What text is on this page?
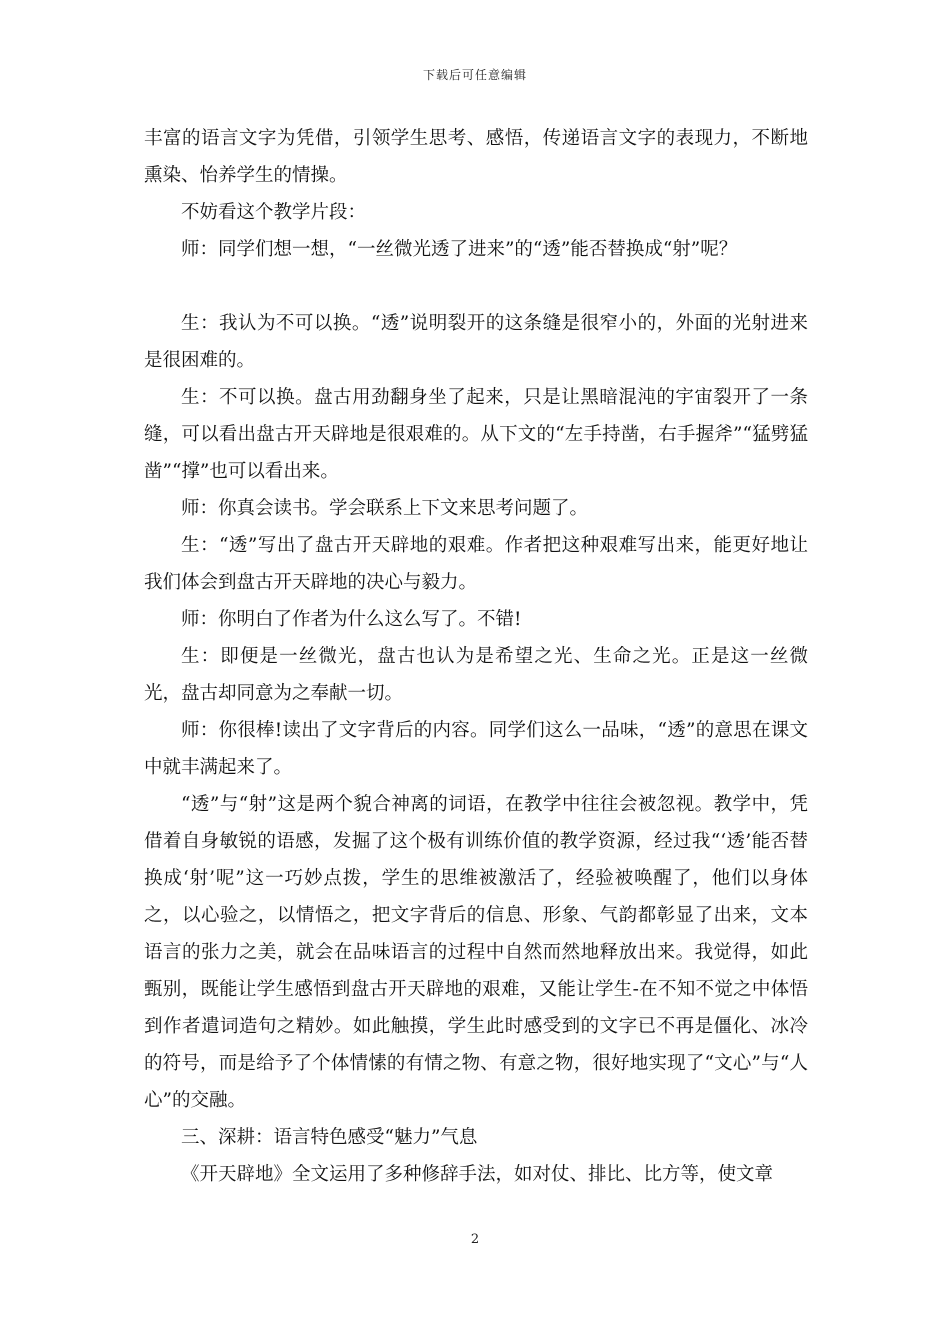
下载后可任意编辑

丰富的语言文字为凭借，引领学生思考、感悟，传递语言文字的表现力，不断地熏染、怡养学生的情操。

不妨看这个教学片段：

师：同学们想一想，“一丝微光透了进来”的“透”能否替换成“射”呢？

生：我认为不可以换。“透”说明裂开的这条缝是很窄小的，外面的光射进来是很困难的。

生：不可以换。盘古用劲翻身坐了起来，只是让黑暗混沌的宇宙裂开了一条缝，可以看出盘古开天辟地是很艰难的。从下文的“左手持凿，右手握斧”“猛劈猛凿”“撑”也可以看出来。

师：你真会读书。学会联系上下文来思考问题了。

生：“透”写出了盘古开天辟地的艰难。作者把这种艰难写出来，能更好地让我们体会到盘古开天辟地的决心与毅力。

师：你明白了作者为什么这么写了。不错!

生：即便是一丝微光，盘古也认为是希望之光、生命之光。正是这一丝微光，盘古却同意为之奉献一切。

师：你很棒!读出了文字背后的内容。同学们这么一品味，“透”的意思在课文中就丰满起来了。

“透”与“射”这是两个貌合神离的词语，在教学中往往会被忽视。教学中，凭借着自身敏锐的语感，发掘了这个极有训练价值的教学资源，经过我“‘透’能否替换成‘射’呢”这一巧妙点拨，学生的思维被激活了，经验被唤醒了，他们以身体之，以心验之，以情悟之，把文字背后的信息、形象、气韵都彰显了出来，文本语言的张力之美，就会在品味语言的过程中自然而然地释放出来。我觉得，如此甄别，既能让学生感悟到盘古开天辟地的艰难，又能让学生-在不知不觉之中体悟到作者遣词造句之精妙。如此触摸，学生此时感受到的文字已不再是僵化、冰冷的符号，而是给予了个体情愫的有情之物、有意之物，很好地实现了“文心”与“人心”的交融。

三、深耕：语言特色感受“魅力”气息

《开天辟地》全文运用了多种修辞手法，如对仗、排比、比方等，使文章

2
